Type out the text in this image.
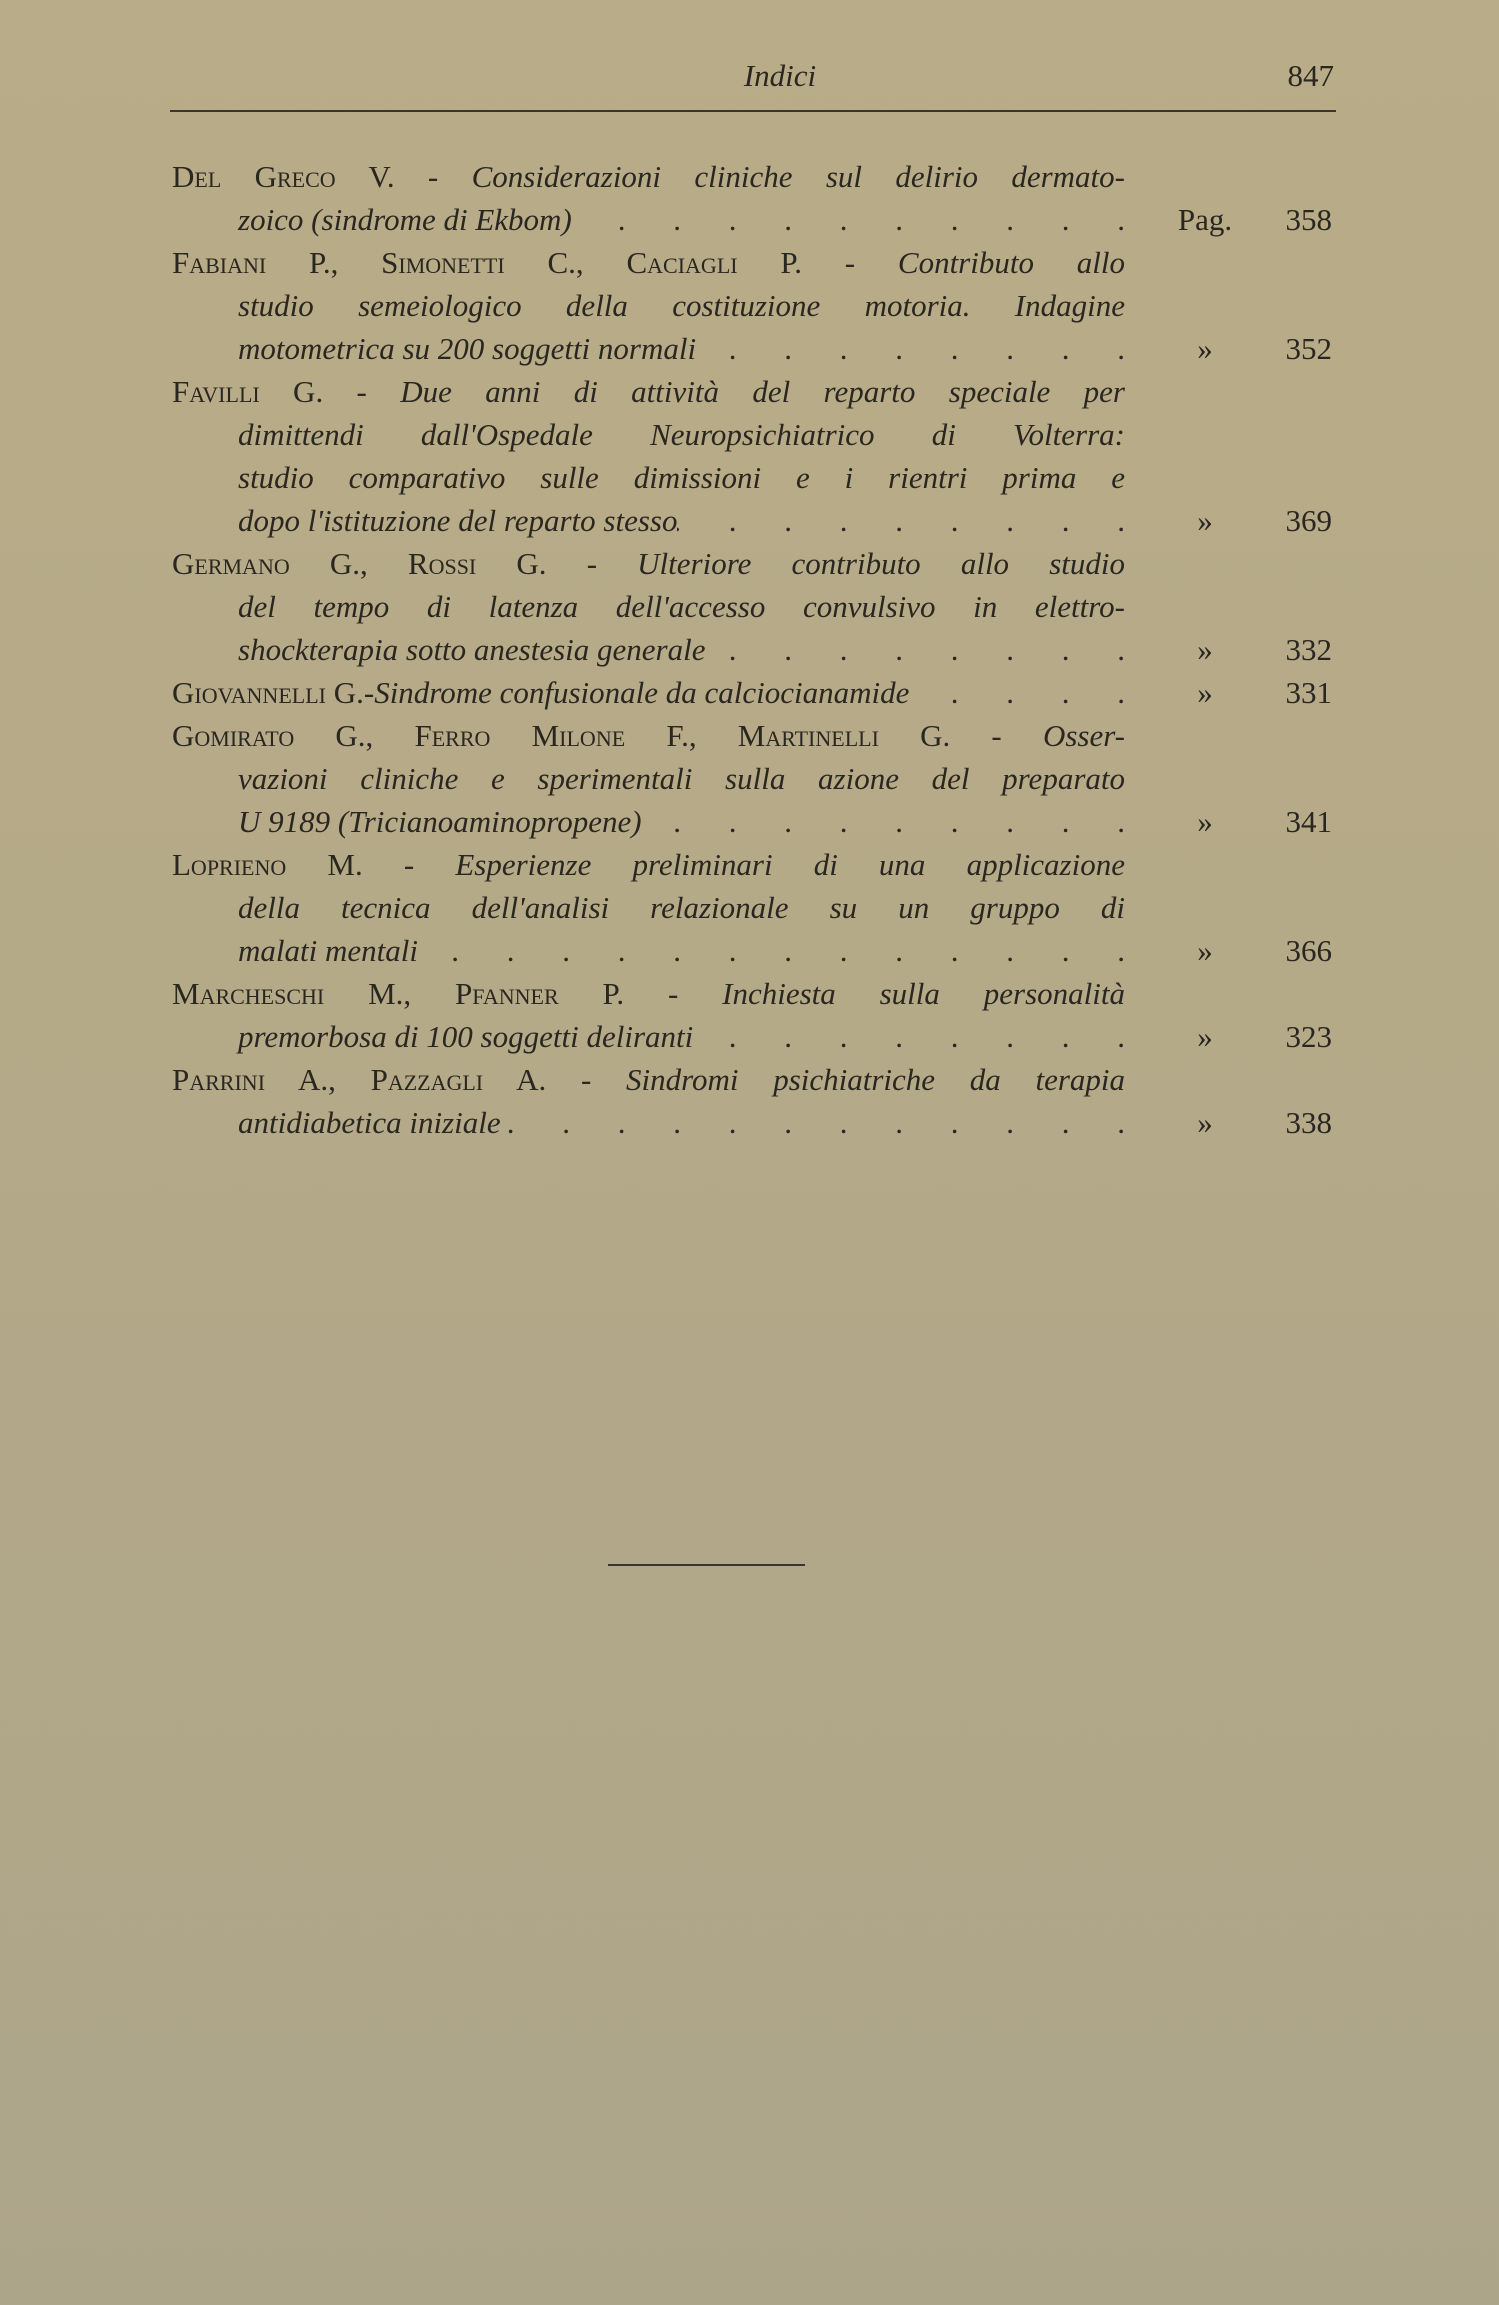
Indici	847
Del Greco V. - Considerazioni cliniche sul delirio dermato-
zoico (sindrome di Ekbom) . . .	Pag.	358
Fabiani P., Simonetti C., Caciagli P. - Contributo allo
studio semeiologico della costituzione motoria. Indagine
motometrica su 200 soggetti normali . . .	»	352
Favilli G. - Due anni di attività del reparto speciale per
dimittendi dall'Ospedale Neuropsichiatrico di Volterra:
studio comparativo sulle dimissioni e i rientri prima e
dopo l'istituzione del reparto stesso . . .	»	369
Germano G., Rossi G. - Ulteriore contributo allo studio
del tempo di latenza dell'accesso convulsivo in elettro-
shockterapia sotto anestesia generale . . .	»	332
Giovannelli G. - Sindrome confusionale da calciocianamide . . .	»	331
Gomirato G., Ferro Milone F., Martinelli G. - Osser-
vazioni cliniche e sperimentali sulla azione del preparato
U 9189 (Tricianoaminopropene) . . .	»	341
Loprieno M. - Esperienze preliminari di una applicazione
della tecnica dell'analisi relazionale su un gruppo di
malati mentali . . .	»	366
Marcheschi M., Pfanner P. - Inchiesta sulla personalità
premorbosa di 100 soggetti deliranti . . .	»	323
Parrini A., Pazzagli A. - Sindromi psichiatriche da terapia
antidiabetica iniziale . . .	»	338
